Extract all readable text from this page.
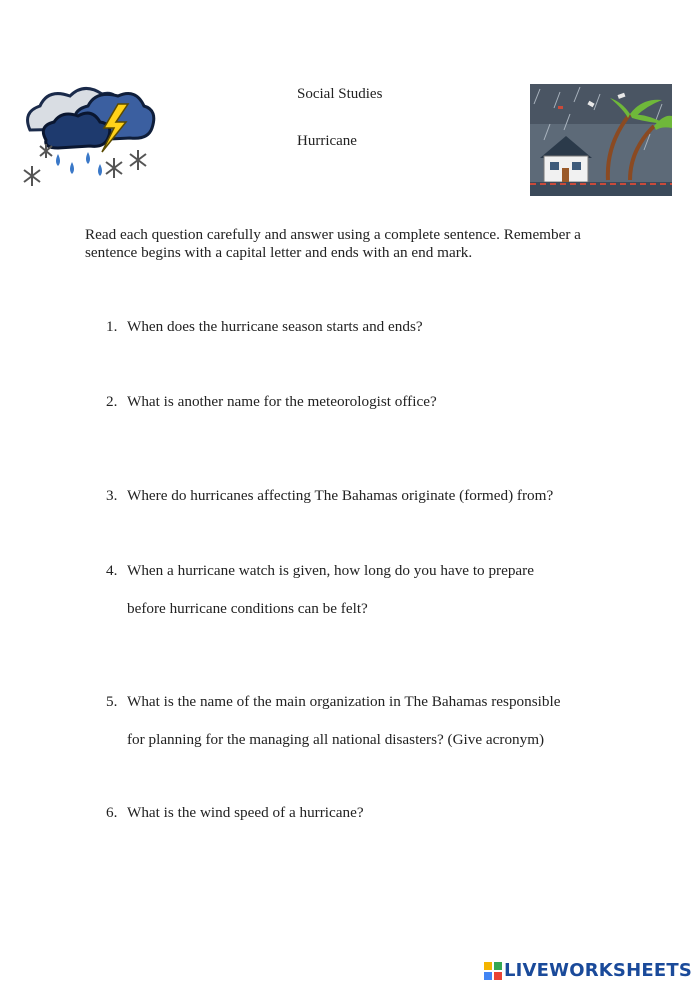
Social Studies
Hurricane
Read each question carefully and answer using a complete sentence. Remember a sentence begins with a capital letter and ends with an end mark.
1. When does the hurricane season starts and ends?
2. What is another name for the meteorologist office?
3. Where do hurricanes affecting The Bahamas originate (formed) from?
4. When a hurricane watch is given, how long do you have to prepare
before hurricane conditions can be felt?
5. What is the name of the main organization in The Bahamas responsible
for planning for the managing all national disasters? (Give acronym)
6. What is the wind speed of a hurricane?
LIVEWORKSHEETS
